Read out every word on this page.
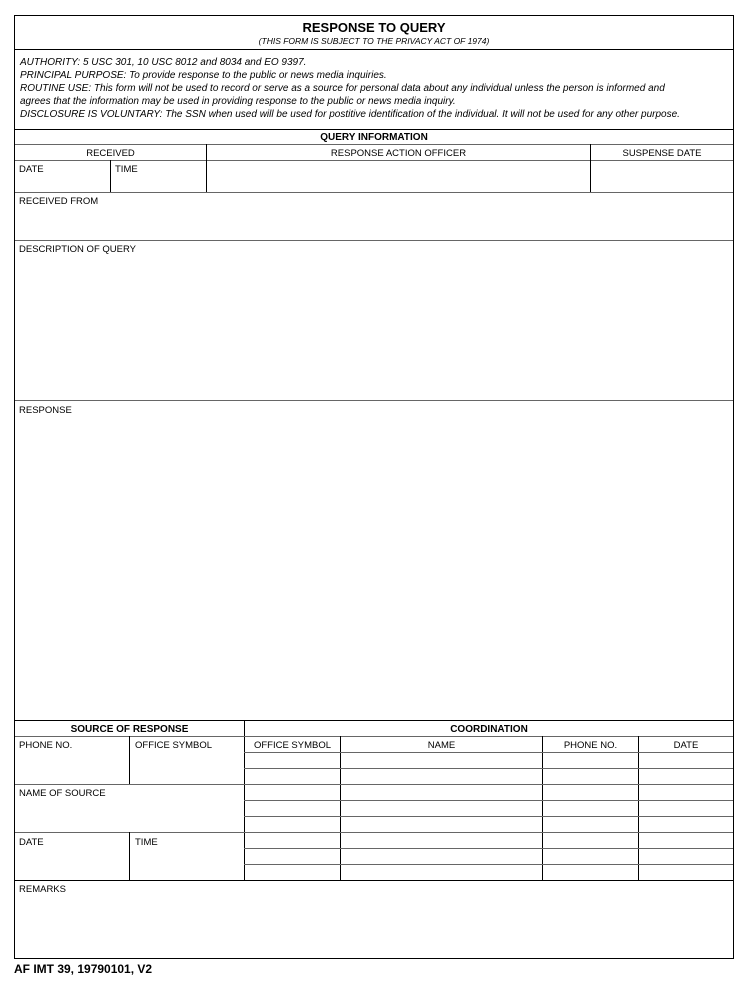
RESPONSE TO QUERY
(THIS FORM IS SUBJECT TO THE PRIVACY ACT OF 1974)
AUTHORITY: 5 USC 301, 10 USC 8012 and 8034 and EO 9397.
PRINCIPAL PURPOSE: To provide response to the public or news media inquiries.
ROUTINE USE: This form will not be used to record or serve as a source for personal data about any individual unless the person is informed and
agrees that the information may be used in providing response to the public or news media inquiry.
DISCLOSURE IS VOLUNTARY: The SSN when used will be used for postitive identification of the individual. It will not be used for any other purpose.
QUERY INFORMATION
RECEIVED	RESPONSE ACTION OFFICER	SUSPENSE DATE
DATE	TIME
RECEIVED FROM
DESCRIPTION OF QUERY
RESPONSE
SOURCE OF RESPONSE	COORDINATION
PHONE NO.	OFFICE SYMBOL
NAME OF SOURCE
DATE	TIME
OFFICE SYMBOL	NAME	PHONE NO.	DATE
REMARKS
AF IMT 39, 19790101, V2
